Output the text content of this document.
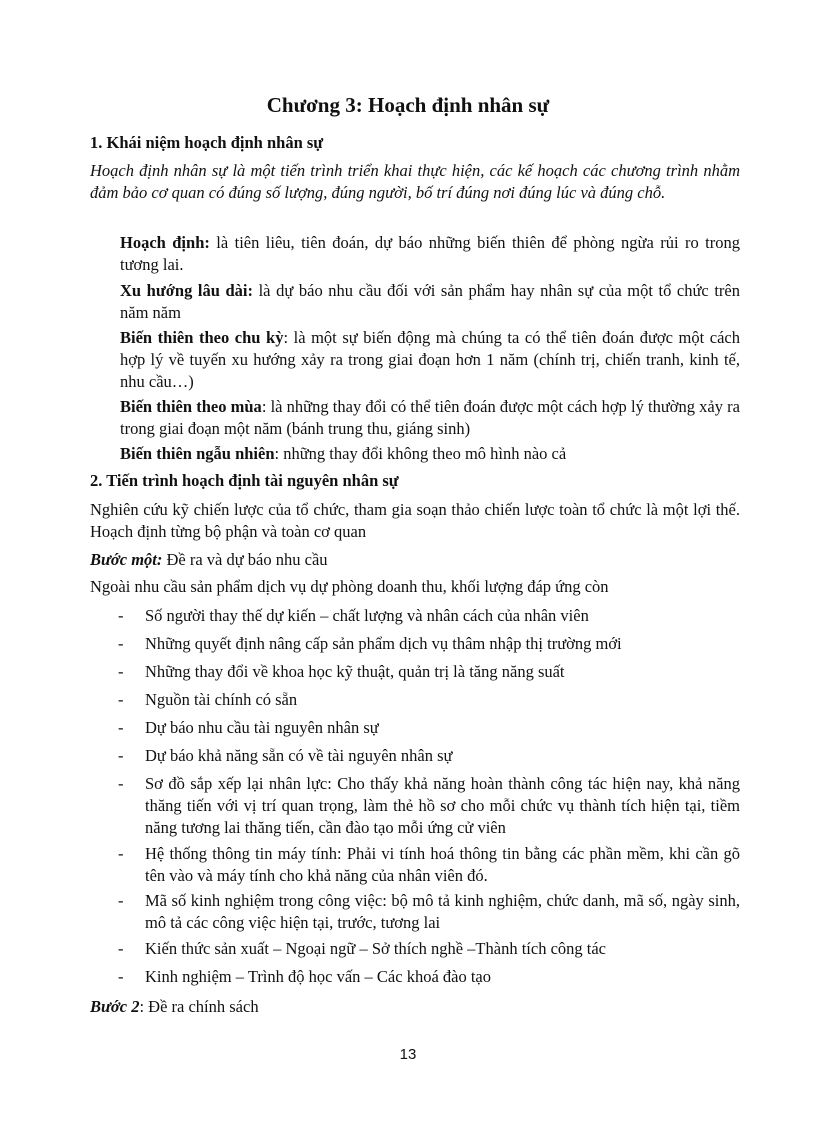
Chương 3: Hoạch định nhân sự
1. Khái niệm hoạch định nhân sự
Hoạch định nhân sự là một tiến trình triển khai thực hiện, các kế hoạch các chương trình nhằm đảm bảo cơ quan có đúng số lượng, đúng người, bố trí đúng nơi đúng lúc và đúng chỗ.
Hoạch định: là tiên liêu, tiên đoán, dự báo những biến thiên để phòng ngừa rủi ro trong tương lai.
Xu hướng lâu dài: là dự báo nhu cầu đối với sản phẩm hay nhân sự của một tổ chức trên năm năm
Biến thiên theo chu kỳ: là một sự biến động mà chúng ta có thể tiên đoán được một cách hợp lý về tuyến xu hướng xảy ra trong giai đoạn hơn 1 năm (chính trị, chiến tranh, kinh tế, nhu cầu…)
Biến thiên theo mùa: là những thay đổi có thể tiên đoán được một cách hợp lý thường xảy ra trong giai đoạn một năm (bánh trung thu, giáng sinh)
Biến thiên ngẫu nhiên: những thay đổi không theo mô hình nào cả
2. Tiến trình hoạch định tài nguyên nhân sự
Nghiên cứu kỹ chiến lược của tổ chức, tham gia soạn thảo chiến lược toàn tổ chức là một lợi thế. Hoạch định từng bộ phận và toàn cơ quan
Bước một: Đề ra và dự báo nhu cầu
Ngoài nhu cầu sản phẩm dịch vụ dự phòng doanh thu, khối lượng đáp ứng còn
- Số người thay thế dự kiến – chất lượng và nhân cách của nhân viên
- Những quyết định nâng cấp sản phẩm dịch vụ thâm nhập thị trường mới
- Những thay đổi về khoa học kỹ thuật, quản trị là tăng năng suất
- Nguồn tài chính có sẵn
- Dự báo nhu cầu tài nguyên nhân sự
- Dự báo khả năng sẵn có về tài nguyên nhân sự
- Sơ đồ sắp xếp lại nhân lực: Cho thấy khả năng hoàn thành công tác hiện nay, khả năng thăng tiến với vị trí quan trọng, làm thẻ hồ sơ cho mỗi chức vụ thành tích hiện tại, tiềm năng tương lai thăng tiến, cần đào tạo mỗi ứng cử viên
- Hệ thống thông tin máy tính: Phải vi tính hoá thông tin bằng các phần mềm, khi cần gõ tên vào và máy tính cho khả năng của nhân viên đó.
- Mã số kinh nghiệm trong công việc: bộ mô tả kinh nghiệm, chức danh, mã số, ngày sinh, mô tả các công việc hiện tại, trước, tương lai
- Kiến thức sản xuất – Ngoại ngữ – Sở thích nghề –Thành tích công tác
- Kinh nghiệm – Trình độ học vấn – Các khoá đào tạo
Bước 2: Đề ra chính sách
13
